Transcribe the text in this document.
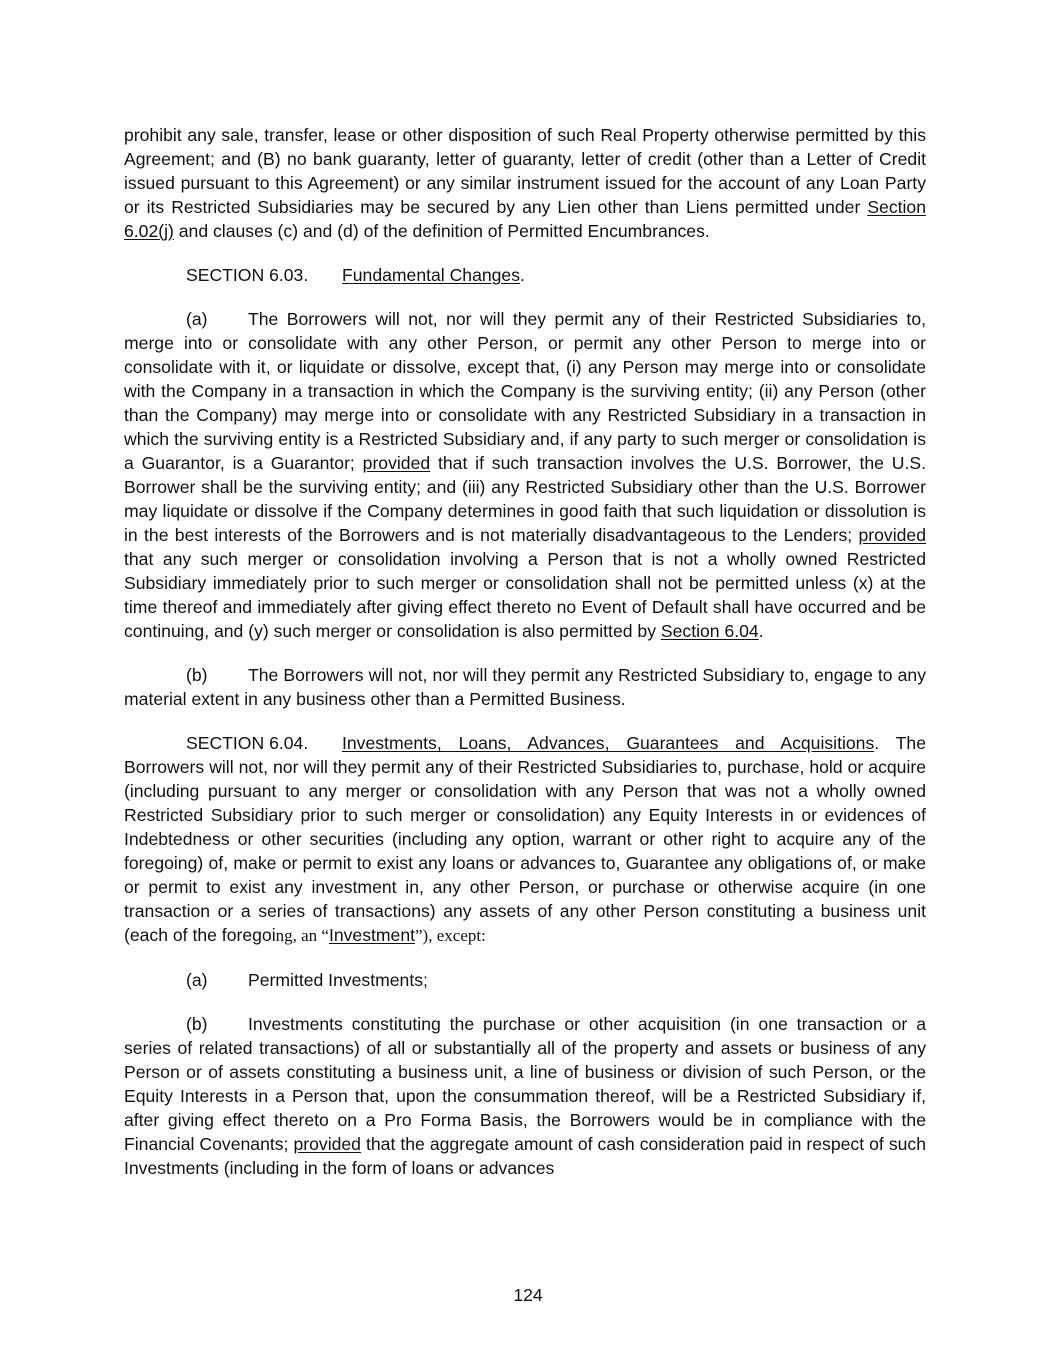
prohibit any sale, transfer, lease or other disposition of such Real Property otherwise permitted by this Agreement; and (B) no bank guaranty, letter of guaranty, letter of credit (other than a Letter of Credit issued pursuant to this Agreement) or any similar instrument issued for the account of any Loan Party or its Restricted Subsidiaries may be secured by any Lien other than Liens permitted under Section 6.02(j) and clauses (c) and (d) of the definition of Permitted Encumbrances.

SECTION 6.03. Fundamental Changes.

(a) The Borrowers will not, nor will they permit any of their Restricted Subsidiaries to, merge into or consolidate with any other Person, or permit any other Person to merge into or consolidate with it, or liquidate or dissolve, except that, (i) any Person may merge into or consolidate with the Company in a transaction in which the Company is the surviving entity; (ii) any Person (other than the Company) may merge into or consolidate with any Restricted Subsidiary in a transaction in which the surviving entity is a Restricted Subsidiary and, if any party to such merger or consolidation is a Guarantor, is a Guarantor; provided that if such transaction involves the U.S. Borrower, the U.S. Borrower shall be the surviving entity; and (iii) any Restricted Subsidiary other than the U.S. Borrower may liquidate or dissolve if the Company determines in good faith that such liquidation or dissolution is in the best interests of the Borrowers and is not materially disadvantageous to the Lenders; provided that any such merger or consolidation involving a Person that is not a wholly owned Restricted Subsidiary immediately prior to such merger or consolidation shall not be permitted unless (x) at the time thereof and immediately after giving effect thereto no Event of Default shall have occurred and be continuing, and (y) such merger or consolidation is also permitted by Section 6.04.

(b) The Borrowers will not, nor will they permit any Restricted Subsidiary to, engage to any material extent in any business other than a Permitted Business.

SECTION 6.04. Investments, Loans, Advances, Guarantees and Acquisitions. The Borrowers will not, nor will they permit any of their Restricted Subsidiaries to, purchase, hold or acquire (including pursuant to any merger or consolidation with any Person that was not a wholly owned Restricted Subsidiary prior to such merger or consolidation) any Equity Interests in or evidences of Indebtedness or other securities (including any option, warrant or other right to acquire any of the foregoing) of, make or permit to exist any loans or advances to, Guarantee any obligations of, or make or permit to exist any investment in, any other Person, or purchase or otherwise acquire (in one transaction or a series of transactions) any assets of any other Person constituting a business unit (each of the foregoing, an “Investment”), except:

(a) Permitted Investments;

(b) Investments constituting the purchase or other acquisition (in one transaction or a series of related transactions) of all or substantially all of the property and assets or business of any Person or of assets constituting a business unit, a line of business or division of such Person, or the Equity Interests in a Person that, upon the consummation thereof, will be a Restricted Subsidiary if, after giving effect thereto on a Pro Forma Basis, the Borrowers would be in compliance with the Financial Covenants; provided that the aggregate amount of cash consideration paid in respect of such Investments (including in the form of loans or advances

124
